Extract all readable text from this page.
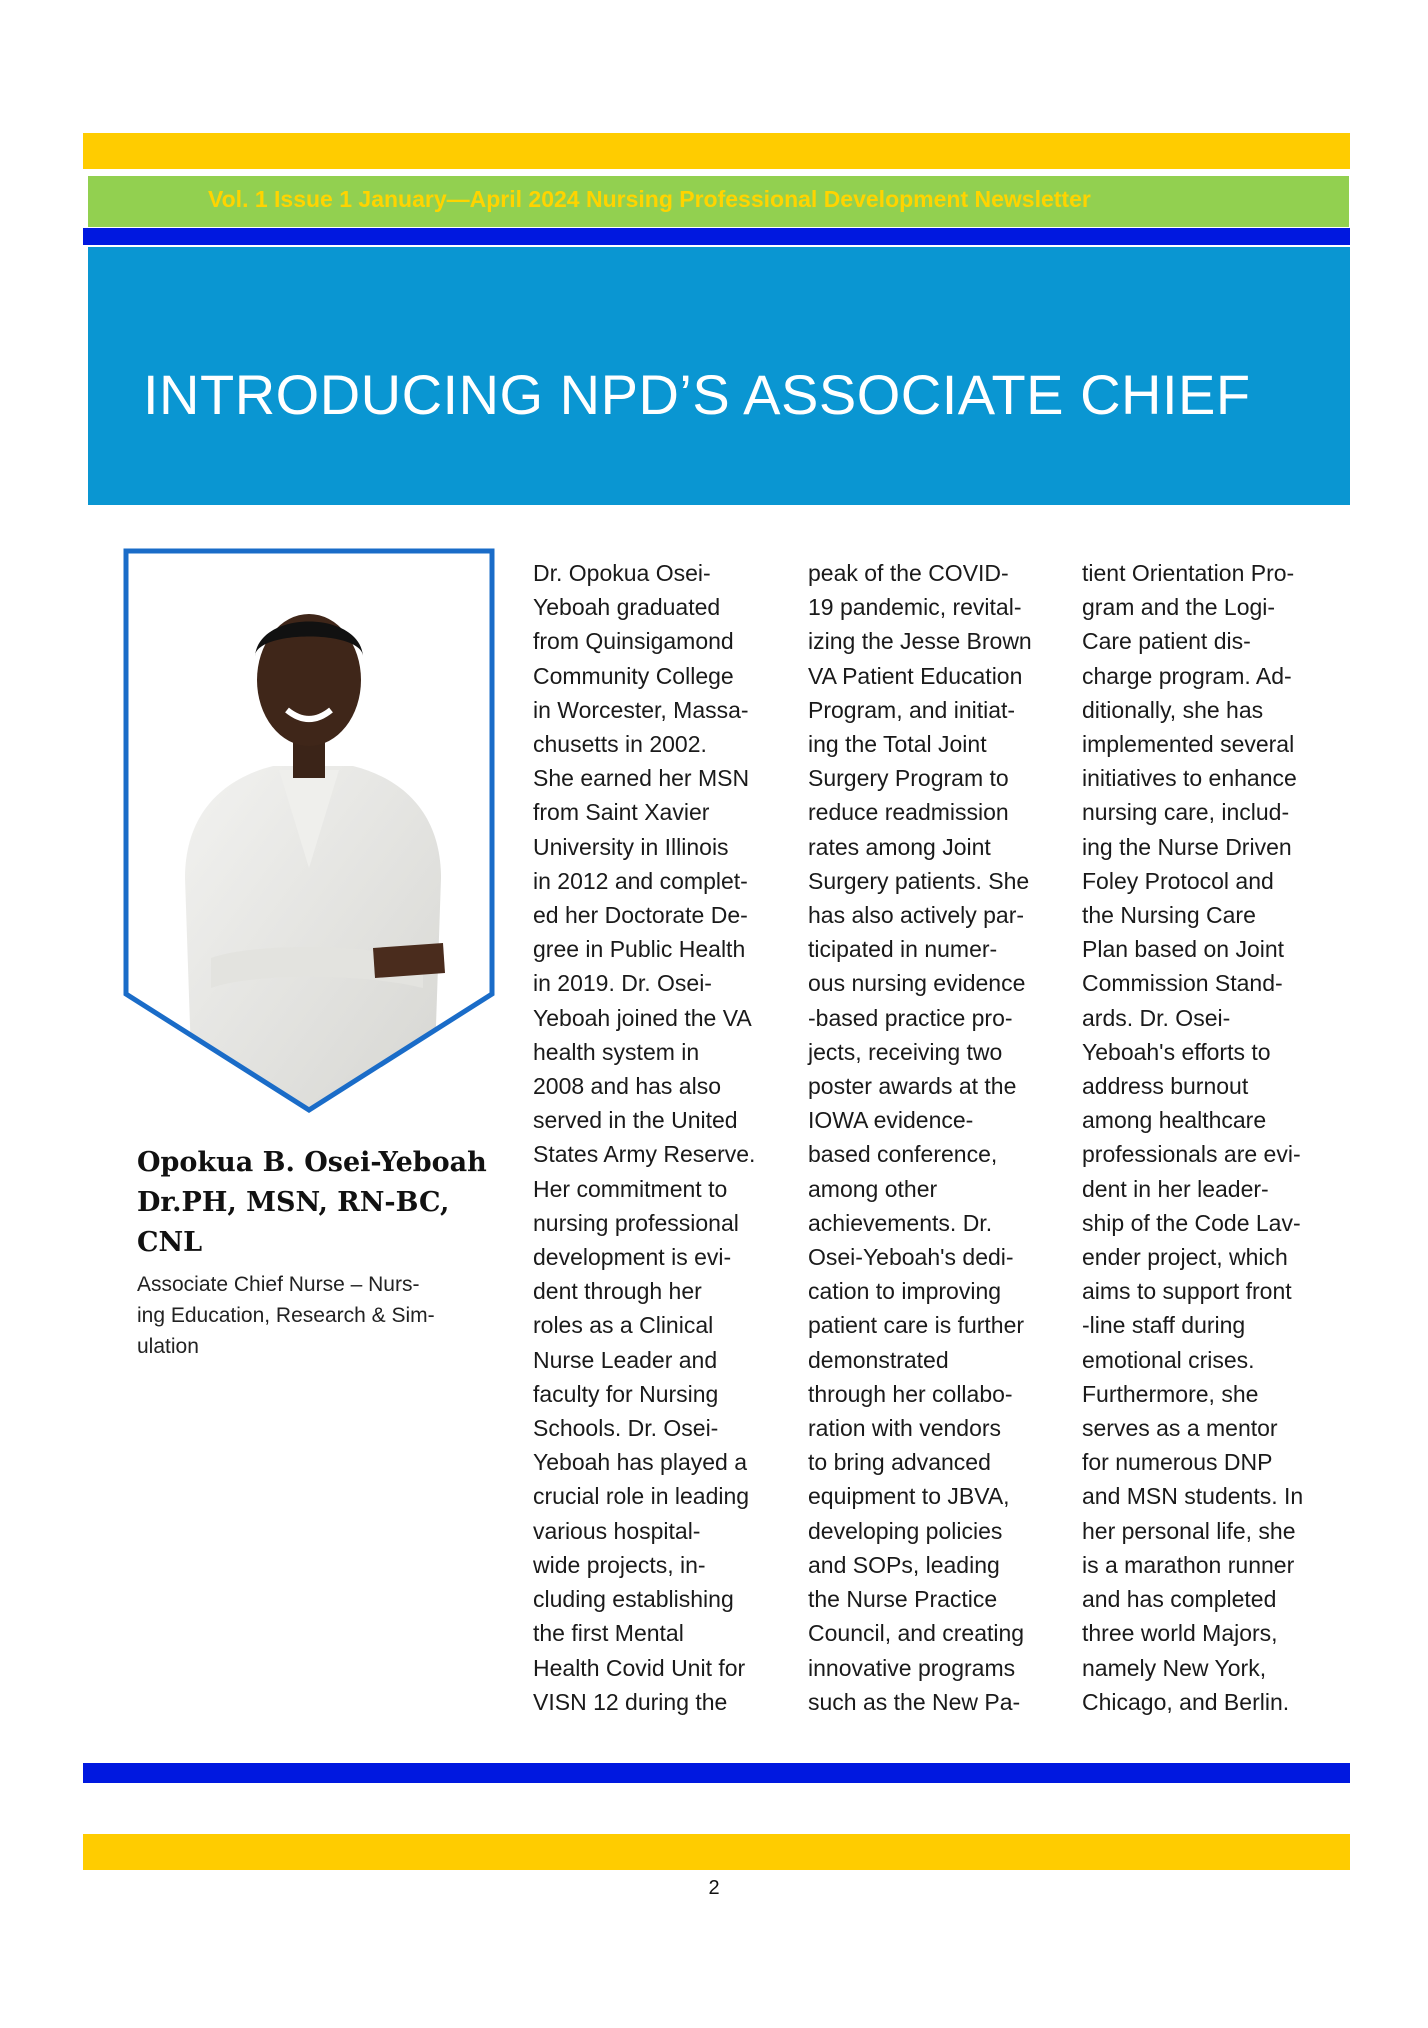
Vol. 1 Issue 1 January—April 2024 Nursing Professional Development Newsletter
INTRODUCING NPD’S ASSOCIATE CHIEF

Opokua B. Osei-Yeboah
Dr.PH, MSN, RN-BC,
CNL

Associate Chief Nurse – Nurs-
ing Education, Research & Sim-
ulation

Dr. Opokua Osei-
Yeboah graduated
from Quinsigamond
Community College
in Worcester, Massa-
chusetts in 2002.
She earned her MSN
from Saint Xavier
University in Illinois
in 2012 and complet-
ed her Doctorate De-
gree in Public Health
in 2019. Dr. Osei-
Yeboah joined the VA
health system in
2008 and has also
served in the United
States Army Reserve.
Her commitment to
nursing professional
development is evi-
dent through her
roles as a Clinical
Nurse Leader and
faculty for Nursing
Schools. Dr. Osei-
Yeboah has played a
crucial role in leading
various hospital-
wide projects, in-
cluding establishing
the first Mental
Health Covid Unit for
VISN 12 during the
peak of the COVID-
19 pandemic, revital-
izing the Jesse Brown
VA Patient Education
Program, and initiat-
ing the Total Joint
Surgery Program to
reduce readmission
rates among Joint
Surgery patients. She
has also actively par-
ticipated in numer-
ous nursing evidence
-based practice pro-
jects, receiving two
poster awards at the
IOWA evidence-
based conference,
among other
achievements. Dr.
Osei-Yeboah's dedi-
cation to improving
patient care is further
demonstrated
through her collabo-
ration with vendors
to bring advanced
equipment to JBVA,
developing policies
and SOPs, leading
the Nurse Practice
Council, and creating
innovative programs
such as the New Pa-
tient Orientation Pro-
gram and the Logi-
Care patient dis-
charge program. Ad-
ditionally, she has
implemented several
initiatives to enhance
nursing care, includ-
ing the Nurse Driven
Foley Protocol and
the Nursing Care
Plan based on Joint
Commission Stand-
ards. Dr. Osei-
Yeboah's efforts to
address burnout
among healthcare
professionals are evi-
dent in her leader-
ship of the Code Lav-
ender project, which
aims to support front
-line staff during
emotional crises.
Furthermore, she
serves as a mentor
for numerous DNP
and MSN students. In
her personal life, she
is a marathon runner
and has completed
three world Majors,
namely New York,
Chicago, and Berlin.
2
